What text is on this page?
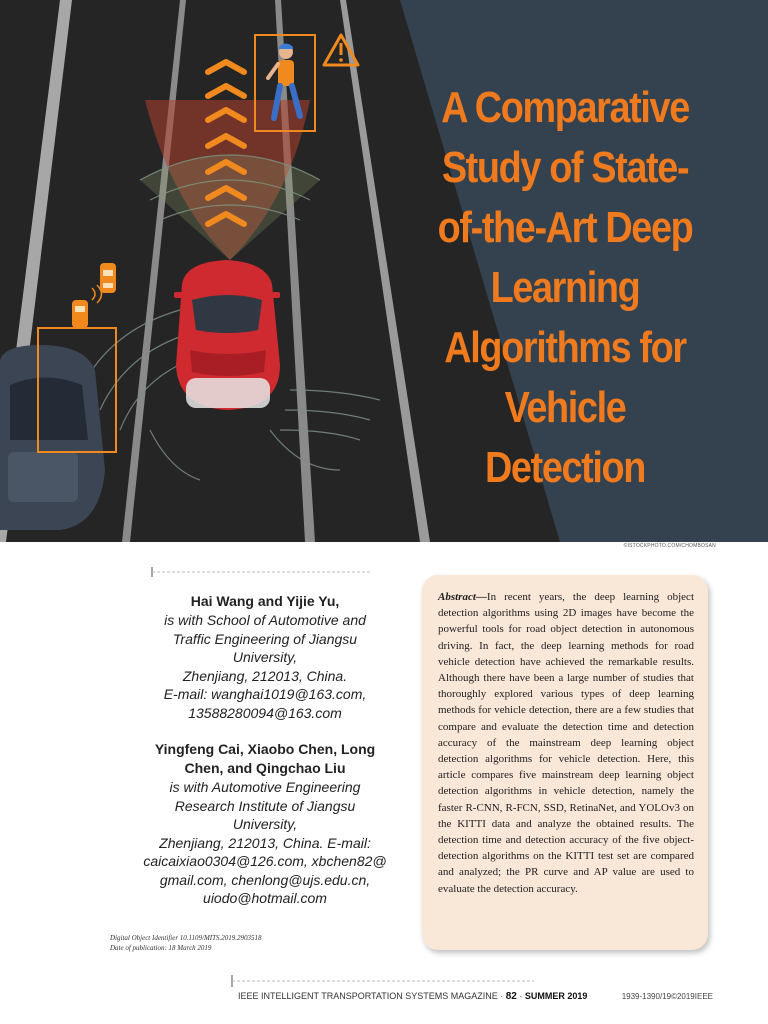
A Comparative Study of State-of-the-Art Deep Learning Algorithms for Vehicle Detection
©ISTOCKPHOTO.COM/CHOMBOSAN
Hai Wang and Yijie Yu,
is with School of Automotive and
Traffic Engineering of Jiangsu
University,
Zhenjiang, 212013, China.
E-mail: wanghai1019@163.com,
13588280094@163.com
Yingfeng Cai, Xiaobo Chen, Long
Chen, and Qingchao Liu
is with Automotive Engineering
Research Institute of Jiangsu
University,
Zhenjiang, 212013, China. E-mail:
caicaixiao0304@126.com, xbchen82@
gmail.com, chenlong@ujs.edu.cn,
uiodo@hotmail.com
Digital Object Identifier 10.1109/MITS.2019.2903518
Date of publication: 18 March 2019

Abstract—In recent years, the deep learning object detection algorithms using 2D images have become the powerful tools for road object detection in autonomous driving. In fact, the deep learning methods for road vehicle detection have achieved the remarkable results. Although there have been a large number of studies that thoroughly explored various types of deep learning methods for vehicle detection, there are a few studies that compare and evaluate the detection time and detection accuracy of the mainstream deep learning object detection algorithms for vehicle detection. Here, this article compares five mainstream deep learning object detection algorithms in vehicle detection, namely the faster R-CNN, R-FCN, SSD, RetinaNet, and YOLOv3 on the KITTI data and analyze the obtained results. The detection time and detection accuracy of the five object-detection algorithms on the KITTI test set are compared and analyzed; the PR curve and AP value are used to evaluate the detection accuracy.

IEEE INTELLIGENT TRANSPORTATION SYSTEMS MAGAZINE · 82 · SUMMER 2019	1939-1390/19©2019IEEE
